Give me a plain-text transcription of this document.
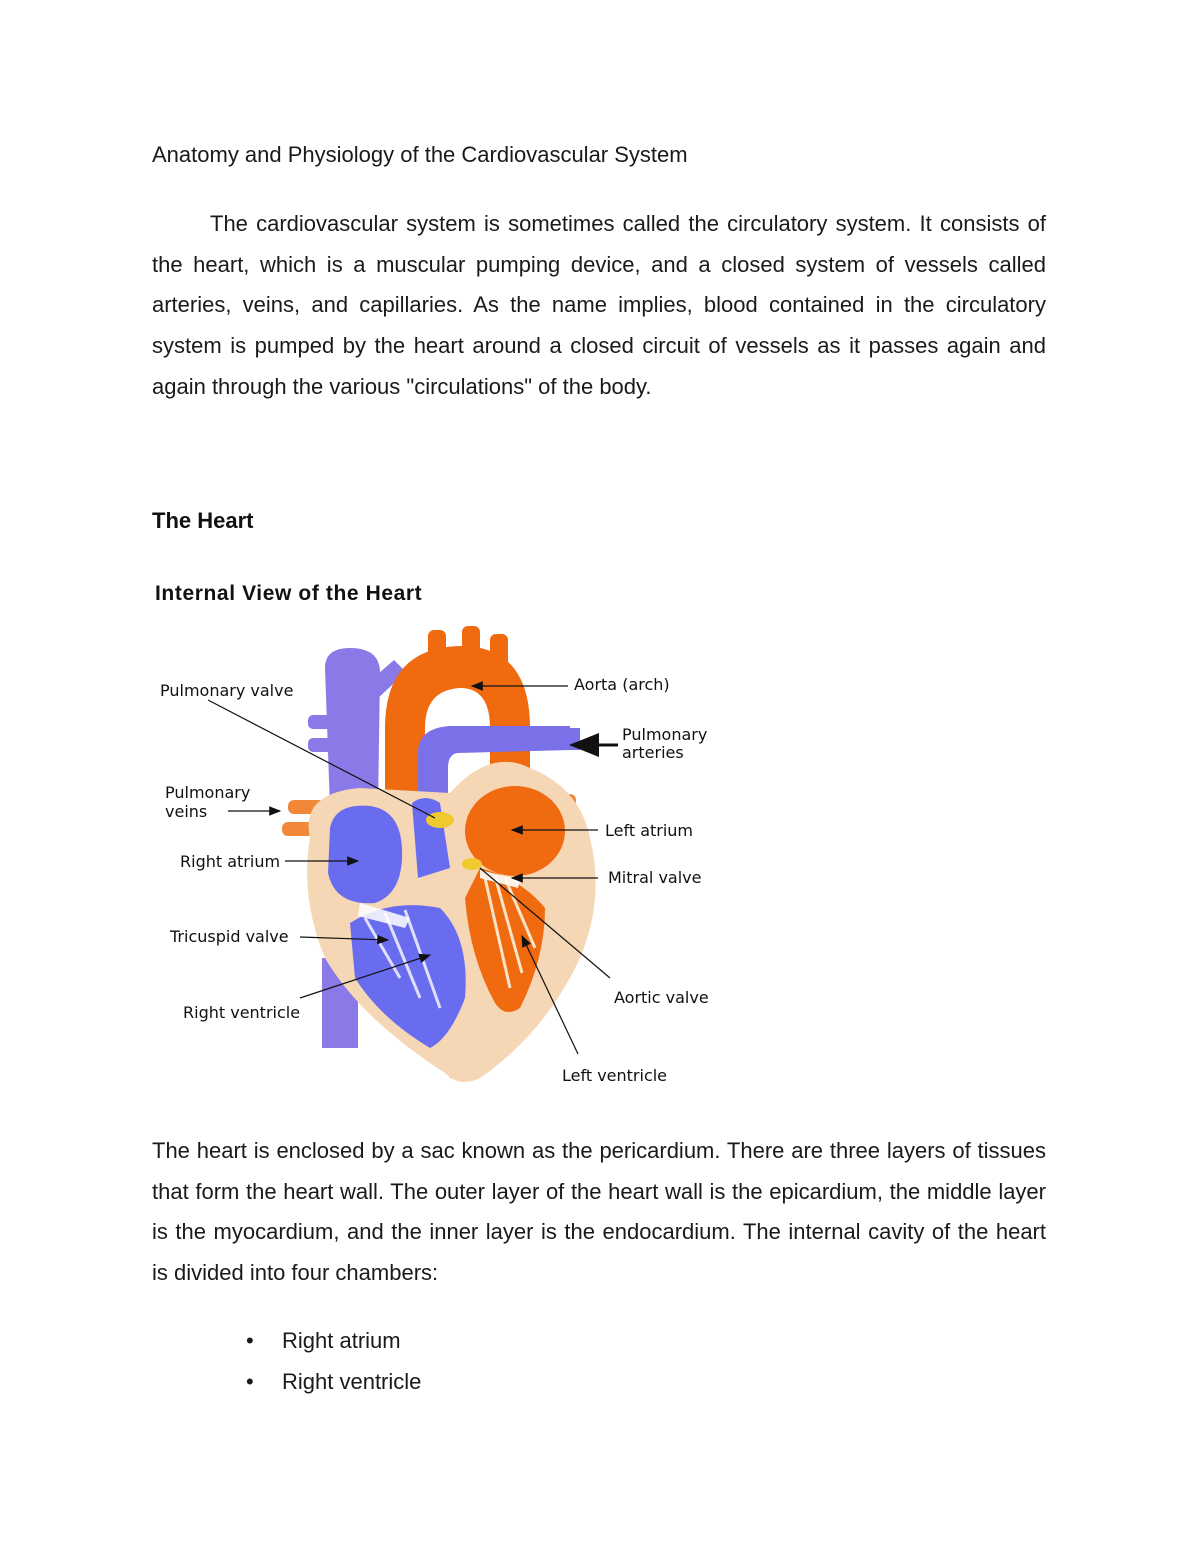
Anatomy and Physiology of the Cardiovascular System

The cardiovascular system is sometimes called the circulatory system. It consists of the heart, which is a muscular pumping device, and a closed system of vessels called arteries, veins, and capillaries. As the name implies, blood contained in the circulatory system is pumped by the heart around a closed circuit of vessels as it passes again and again through the various "circulations" of the body.

The Heart
Internal View of the Heart
Pulmonary valve
Pulmonary
veins
Right atrium
Tricuspid valve
Right ventricle
Aorta (arch)
Pulmonary
arteries
Left atrium
Mitral valve
Aortic valve
Left ventricle

The heart is enclosed by a sac known as the pericardium. There are three layers of tissues that form the heart wall. The outer layer of the heart wall is the epicardium, the middle layer is the myocardium, and the inner layer is the endocardium. The internal cavity of the heart is divided into four chambers:

• Right atrium
• Right ventricle
